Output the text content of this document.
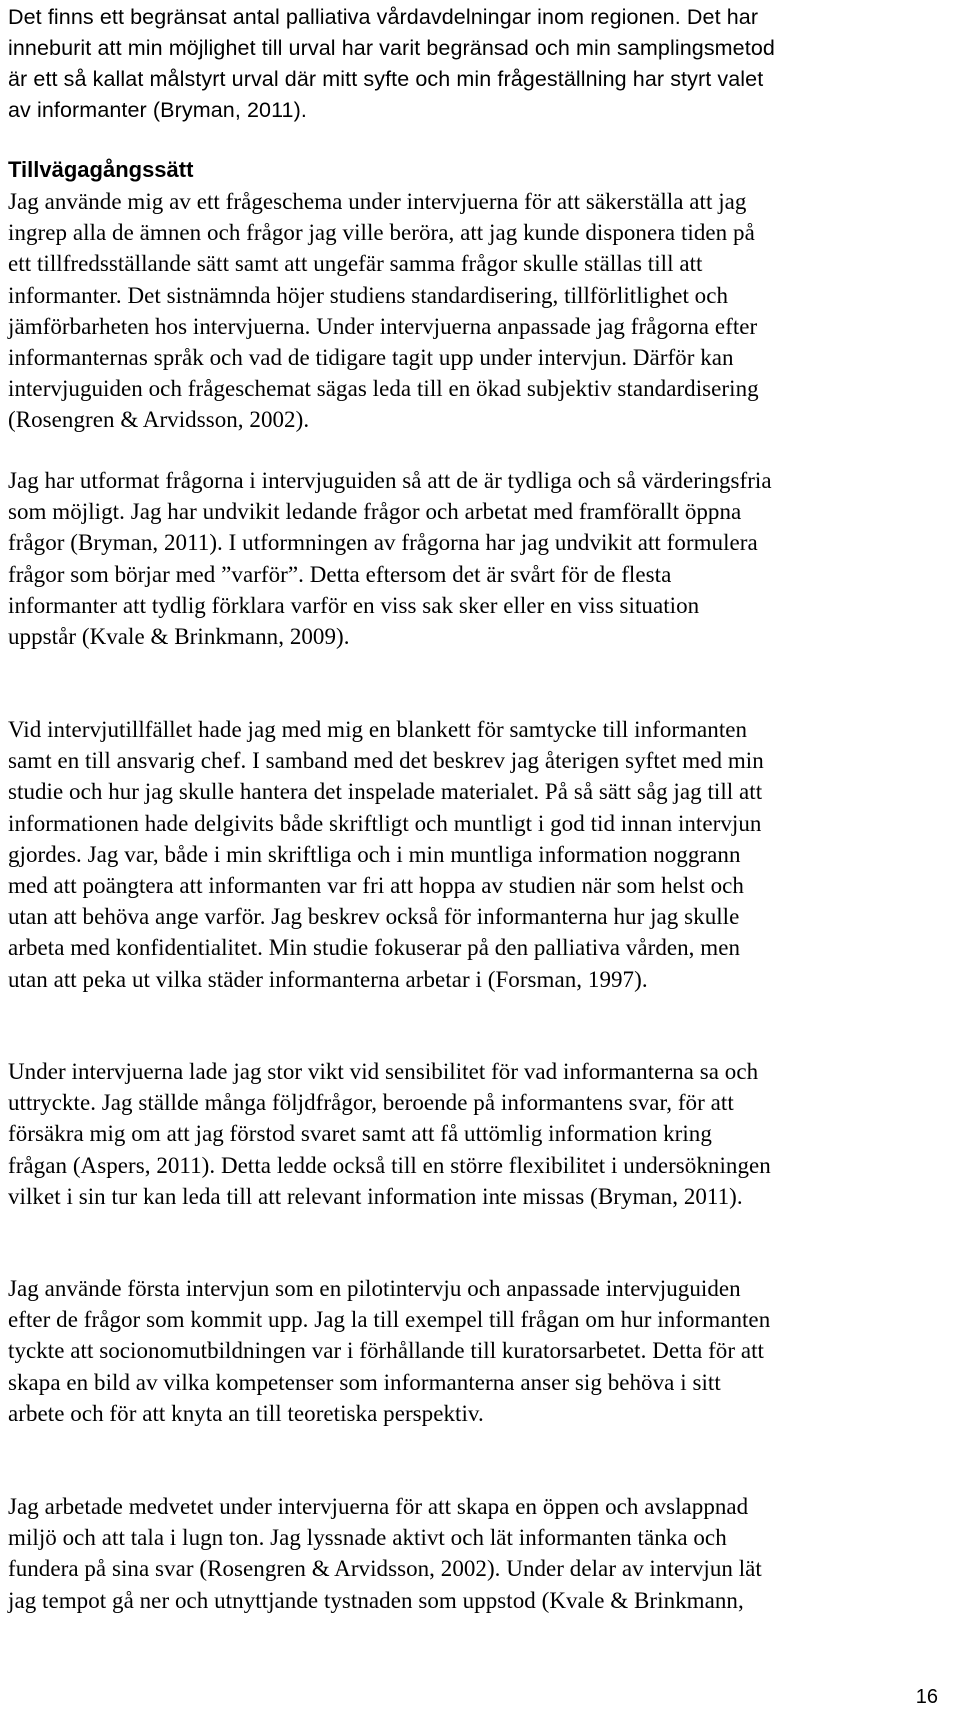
Det finns ett begränsat antal palliativa vårdavdelningar inom regionen. Det har
inneburit att min möjlighet till urval har varit begränsad och min samplingsmetod
är ett så kallat målstyrt urval där mitt syfte och min frågeställning har styrt valet
av informanter (Bryman, 2011).

Tillvägagångssätt

Jag använde mig av ett frågeschema under intervjuerna för att säkerställa att jag
ingrep alla de ämnen och frågor jag ville beröra, att jag kunde disponera tiden på
ett tillfredsställande sätt samt att ungefär samma frågor skulle ställas till att
informanter. Det sistnämnda höjer studiens standardisering, tillförlitlighet och
jämförbarheten hos intervjuerna. Under intervjuerna anpassade jag frågorna efter
informanternas språk och vad de tidigare tagit upp under intervjun. Därför kan
intervjuguiden och frågeschemat sägas leda till en ökad subjektiv standardisering
(Rosengren & Arvidsson, 2002).

Jag har utformat frågorna i intervjuguiden så att de är tydliga och så värderingsfria
som möjligt. Jag har undvikit ledande frågor och arbetat med framförallt öppna
frågor (Bryman, 2011). I utformningen av frågorna har jag undvikit att formulera
frågor som börjar med ”varför”. Detta eftersom det är svårt för de flesta
informanter att tydlig förklara varför en viss sak sker eller en viss situation
uppstår (Kvale & Brinkmann, 2009).

Vid intervjutillfället hade jag med mig en blankett för samtycke till informanten
samt en till ansvarig chef. I samband med det beskrev jag återigen syftet med min
studie och hur jag skulle hantera det inspelade materialet. På så sätt såg jag till att
informationen hade delgivits både skriftligt och muntligt i god tid innan intervjun
gjordes. Jag var, både i min skriftliga och i min muntliga information noggrann
med att poängtera att informanten var fri att hoppa av studien när som helst och
utan att behöva ange varför. Jag beskrev också för informanterna hur jag skulle
arbeta med konfidentialitet. Min studie fokuserar på den palliativa vården, men
utan att peka ut vilka städer informanterna arbetar i (Forsman, 1997).

Under intervjuerna lade jag stor vikt vid sensibilitet för vad informanterna sa och
uttryckte. Jag ställde många följdfrågor, beroende på informantens svar, för att
försäkra mig om att jag förstod svaret samt att få uttömlig information kring
frågan (Aspers, 2011). Detta ledde också till en större flexibilitet i undersökningen
vilket i sin tur kan leda till att relevant information inte missas (Bryman, 2011).

Jag använde första intervjun som en pilotintervju och anpassade intervjuguiden
efter de frågor som kommit upp. Jag la till exempel till frågan om hur informanten
tyckte att socionomutbildningen var i förhållande till kuratorsarbetet. Detta för att
skapa en bild av vilka kompetenser som informanterna anser sig behöva i sitt
arbete och för att knyta an till teoretiska perspektiv.

Jag arbetade medvetet under intervjuerna för att skapa en öppen och avslappnad
miljö och att tala i lugn ton. Jag lyssnade aktivt och lät informanten tänka och
fundera på sina svar (Rosengren & Arvidsson, 2002). Under delar av intervjun lät
jag tempot gå ner och utnyttjande tystnaden som uppstod (Kvale & Brinkmann,

16
